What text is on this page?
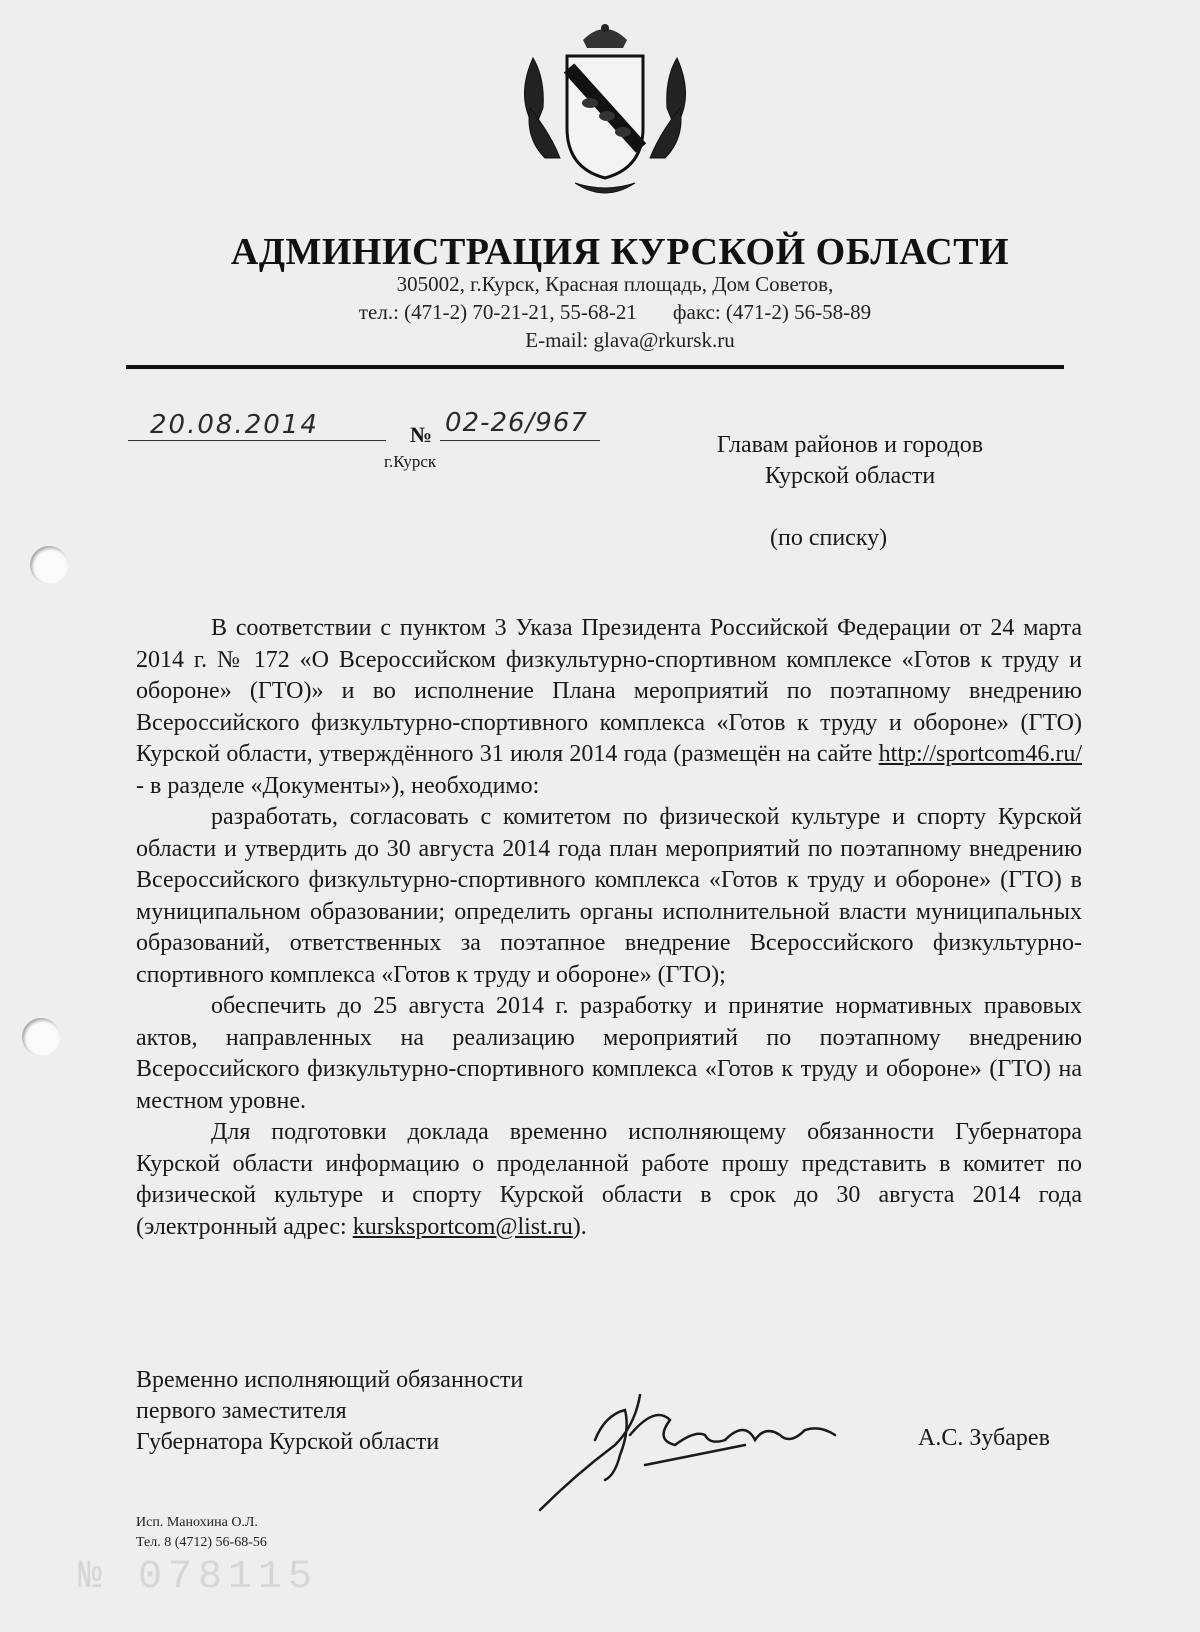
АДМИНИСТРАЦИЯ КУРСКОЙ ОБЛАСТИ
305002, г.Курск, Красная площадь, Дом Советов,
тел.: (471-2) 70-21-21, 55-68-21 факс: (471-2) 56-58-89
E-mail: glava@rkursk.ru
20.08.2014	№ 02-26/967
г.Курск
Главам районов и городов
Курской области
(по списку)

В соответствии с пунктом 3 Указа Президента Российской Федерации от 24 марта 2014 г. № 172 «О Всероссийском физкультурно-спортивном комплексе «Готов к труду и обороне» (ГТО)» и во исполнение Плана мероприятий по поэтапному внедрению Всероссийского физкультурно-спортивного комплекса «Готов к труду и обороне» (ГТО) Курской области, утверждённого 31 июля 2014 года (размещён на сайте http://sportcom46.ru/ - в разделе «Документы»), необходимо:

разработать, согласовать с комитетом по физической культуре и спорту Курской области и утвердить до 30 августа 2014 года план мероприятий по поэтапному внедрению Всероссийского физкультурно-спортивного комплекса «Готов к труду и обороне» (ГТО) в муниципальном образовании; определить органы исполнительной власти муниципальных образований, ответственных за поэтапное внедрение Всероссийского физкультурно-спортивного комплекса «Готов к труду и обороне» (ГТО);

обеспечить до 25 августа 2014 г. разработку и принятие нормативных правовых актов, направленных на реализацию мероприятий по поэтапному внедрению Всероссийского физкультурно-спортивного комплекса «Готов к труду и обороне» (ГТО) на местном уровне.

Для подготовки доклада временно исполняющему обязанности Губернатора Курской области информацию о проделанной работе прошу представить в комитет по физической культуре и спорту Курской области в срок до 30 августа 2014 года (электронный адрес: kursksportcom@list.ru).

Временно исполняющий обязанности
первого заместителя
Губернатора Курской области	А.С. Зубарев
Исп. Манохина О.Л.
Тел. 8 (4712) 56-68-56
№ 078115
